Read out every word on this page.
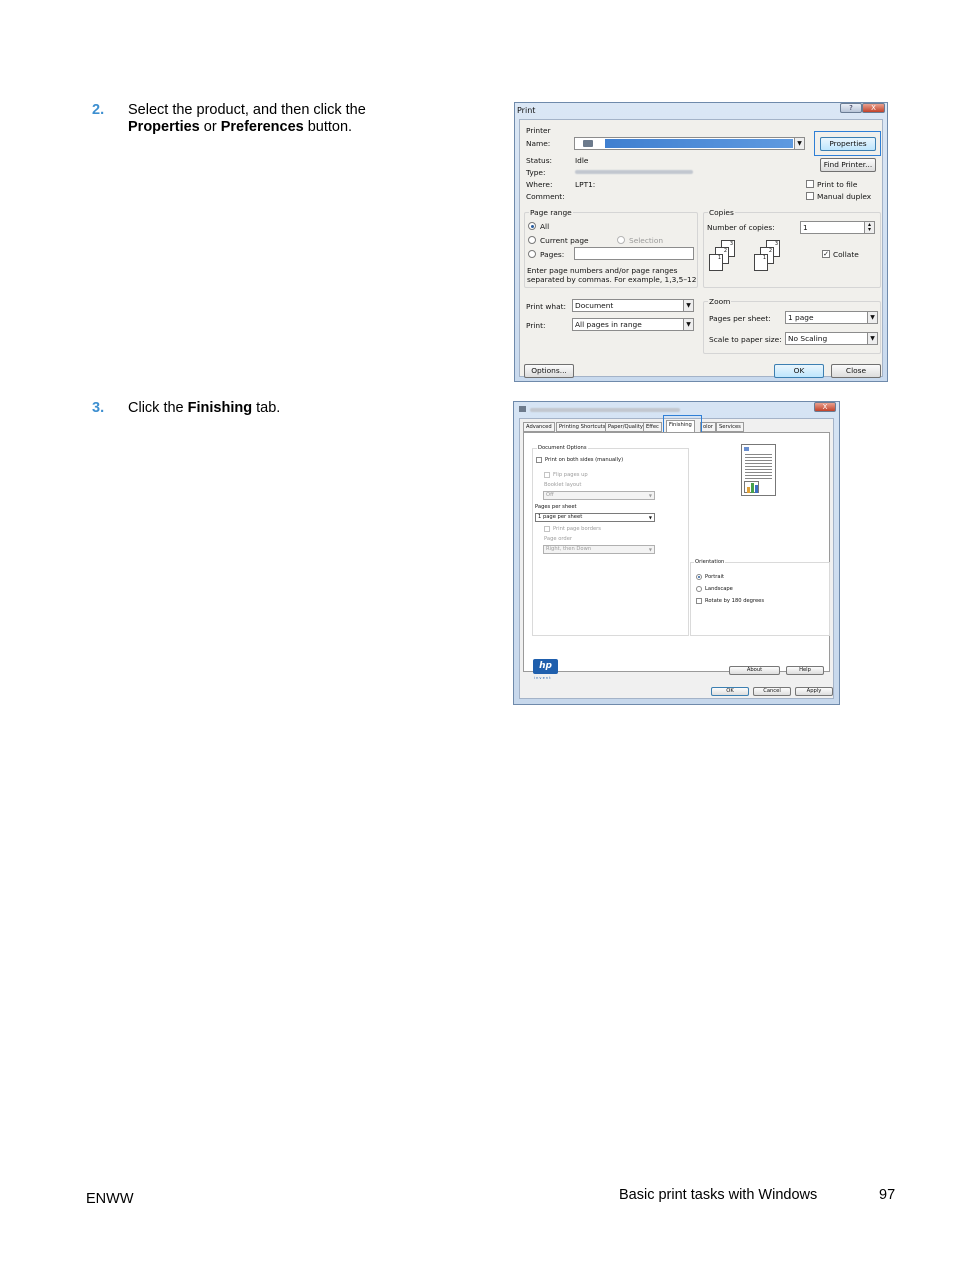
2. Select the product, and then click the
Properties or Preferences button.
3. Click the Finishing tab.
Print	?	X
Printer
Name:	▼
Status:	Idle
Type:
Where:	LPT1:
Comment:
Properties
Find Printer...
Print to file
Manual duplex
Page range
All
Current page	Selection
Pages:
Enter page numbers and/or page ranges separated by commas. For example, 1,3,5–12
Copies
Number of copies:	1	▴
▾
3
2
1
3
2
1	✓ Collate
Print what:	Document	▼
Print:	All pages in range	▼
Zoom
Pages per sheet:	1 page	▼
Scale to paper size: No Scaling	▼
Options...	OK	Close
X
Advanced	Printing Shortcuts Paper/Quality Effec	Finishing	olor	Services
Document Options
Print on both sides (manually)
Flip pages up
Booklet layout
Off	▼
Pages per sheet
1 page per sheet	▼
Print page borders
Page order
Right, then Down	▼
Orientation
Portrait
Landscape
Rotate by 180 degrees
hp
i n v e n t
About	Help
OK	Cancel	Apply
ENWW	Basic print tasks with Windows	97
